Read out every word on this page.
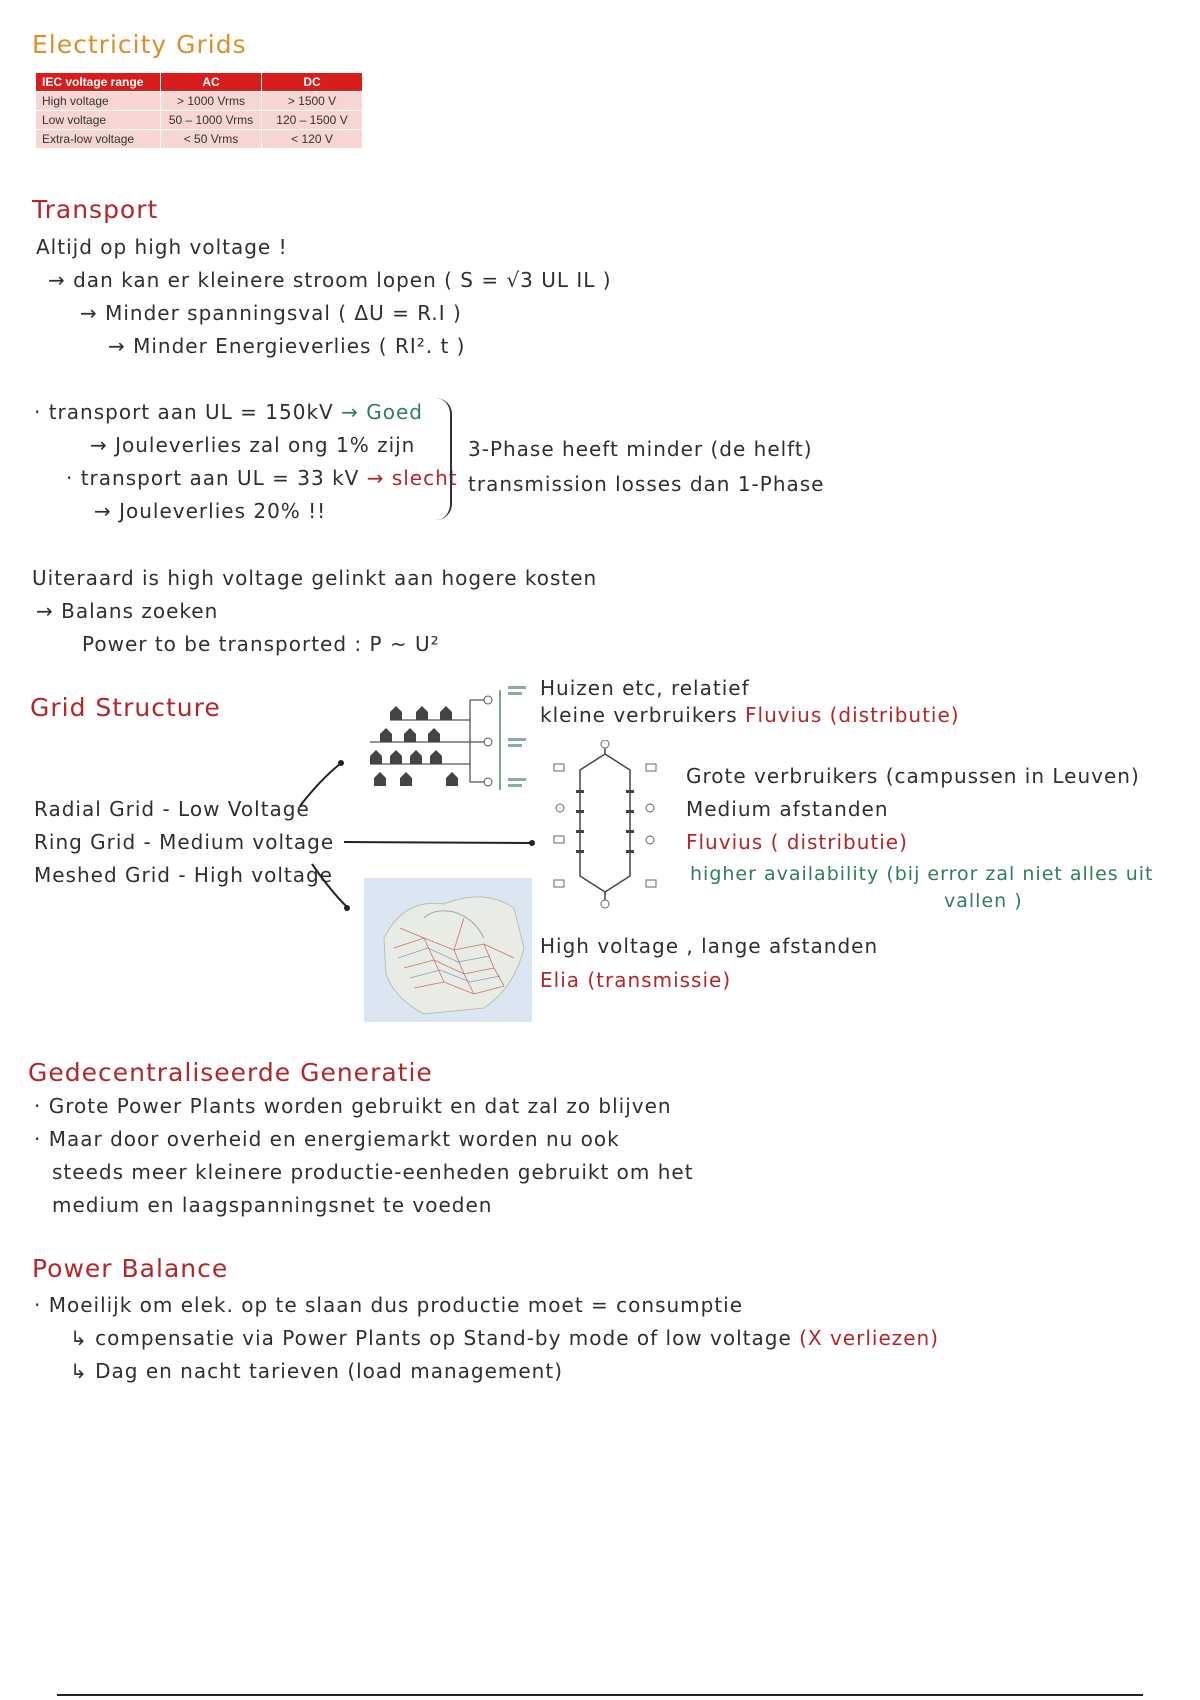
Electricity Grids
IEC voltage range	AC	DC
High voltage	> 1000 Vrms	> 1500 V
Low voltage	50 – 1000 Vrms	120 – 1500 V
Extra-low voltage	< 50 Vrms	< 120 V
Transport
Altijd op high voltage !
→ dan kan er kleinere stroom lopen ( S = √3 UL IL )
→ Minder spanningsval ( ΔU = R.I )
→ Minder Energieverlies ( RI². t )
· transport aan UL = 150kV → Goed
→ Jouleverlies zal ong 1% zijn
· transport aan UL = 33 kV → slecht
→ Jouleverlies 20% !!
3-Phase heeft minder (de helft)
transmission losses dan 1-Phase
Uiteraard is high voltage gelinkt aan hogere kosten
→ Balans zoeken
Power to be transported : P ~ U²
Grid Structure
Radial Grid - Low Voltage
Ring Grid - Medium voltage
Meshed Grid - High voltage
Huizen etc, relatief
kleine verbruikers Fluvius (distributie)
Grote verbruikers (campussen in Leuven)
Medium afstanden
Fluvius ( distributie)
higher availability (bij error zal niet alles uit
vallen )
High voltage , lange afstanden
Elia (transmissie)
Gedecentraliseerde Generatie
· Grote Power Plants worden gebruikt en dat zal zo blijven
· Maar door overheid en energiemarkt worden nu ook
steeds meer kleinere productie-eenheden gebruikt om het
medium en laagspanningsnet te voeden
Power Balance
· Moeilijk om elek. op te slaan dus productie moet = consumptie
↳ compensatie via Power Plants op Stand-by mode of low voltage (X verliezen)
↳ Dag en nacht tarieven (load management)
